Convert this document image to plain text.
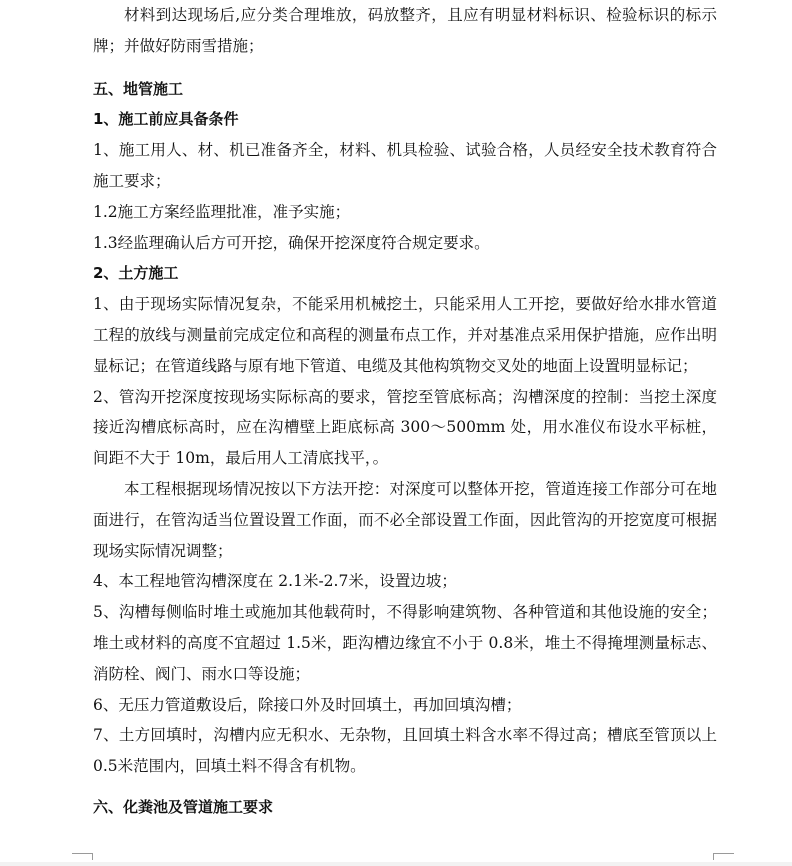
材料到达现场后,应分类合理堆放，码放整齐，且应有明显材料标识、检验标识的标示牌；并做好防雨雪措施；

五、地管施工

1、施工前应具备条件

1、施工用人、材、机已准备齐全，材料、机具检验、试验合格，人员经安全技术教育符合施工要求；

1.2施工方案经监理批准，准予实施；

1.3经监理确认后方可开挖，确保开挖深度符合规定要求。

2、土方施工

1、由于现场实际情况复杂，不能采用机械挖土，只能采用人工开挖，要做好给水排水管道工程的放线与测量前完成定位和高程的测量布点工作，并对基准点采用保护措施，应作出明显标记；在管道线路与原有地下管道、电缆及其他构筑物交叉处的地面上设置明显标记；

2、管沟开挖深度按现场实际标高的要求，管挖至管底标高；沟槽深度的控制：当挖土深度接近沟槽底标高时，应在沟槽壁上距底标高 300～500mm 处，用水准仪布设水平标桩，间距不大于 10m，最后用人工清底找平，。

本工程根据现场情况按以下方法开挖：对深度可以整体开挖，管道连接工作部分可在地面进行，在管沟适当位置设置工作面，而不必全部设置工作面，因此管沟的开挖宽度可根据现场实际情况调整；

4、本工程地管沟槽深度在 2.1米-2.7米，设置边坡；

5、沟槽每侧临时堆土或施加其他载荷时，不得影响建筑物、各种管道和其他设施的安全；堆土或材料的高度不宜超过 1.5米，距沟槽边缘宜不小于 0.8米，堆土不得掩埋测量标志、消防栓、阀门、雨水口等设施；

6、无压力管道敷设后，除接口外及时回填土，再加回填沟槽；

7、土方回填时，沟槽内应无积水、无杂物，且回填土料含水率不得过高；槽底至管顶以上 0.5米范围内，回填土料不得含有机物。

六、化粪池及管道施工要求
